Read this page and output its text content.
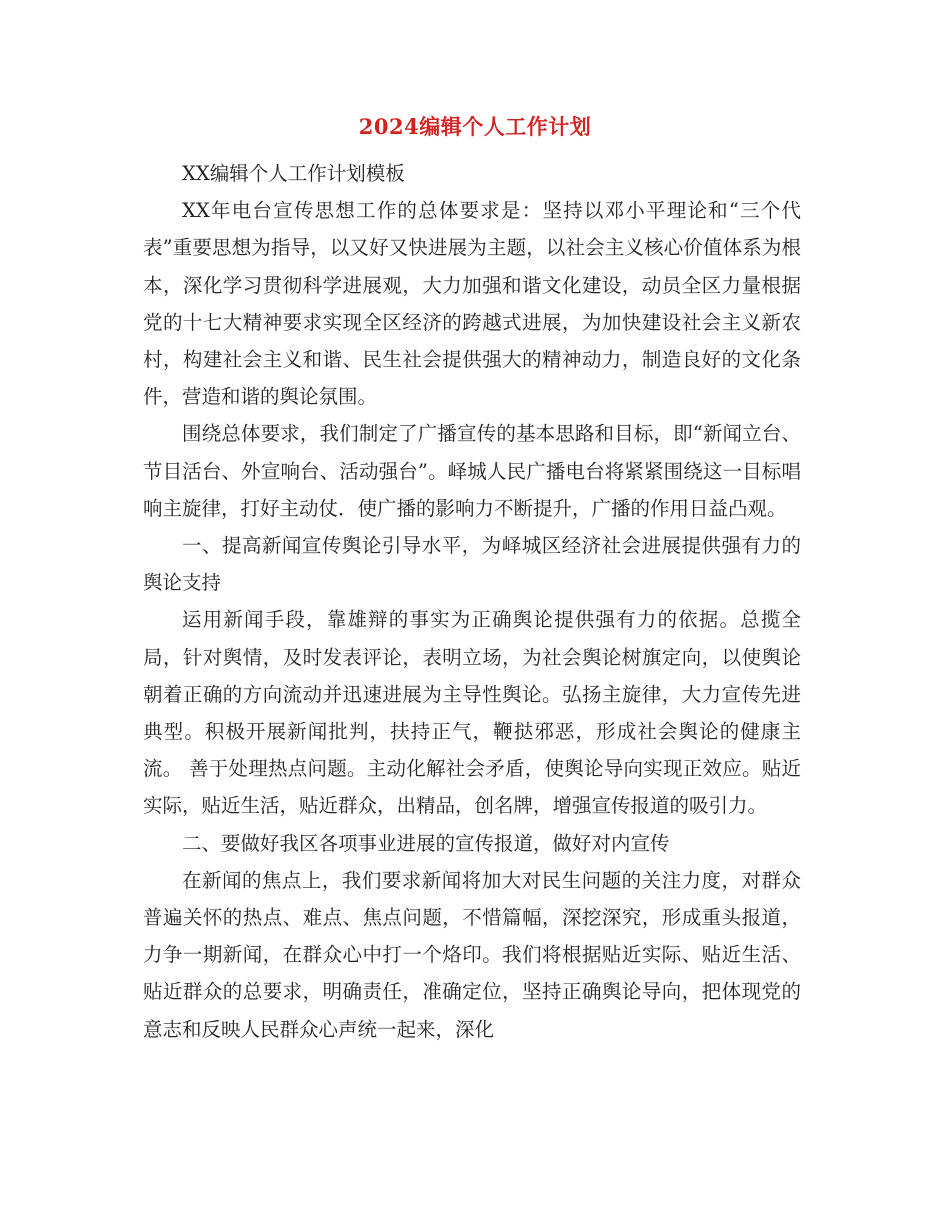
2024编辑个人工作计划

XX编辑个人工作计划模板

XX年电台宣传思想工作的总体要求是：坚持以邓小平理论和“三个代表”重要思想为指导，以又好又快进展为主题，以社会主义核心价值体系为根本，深化学习贯彻科学进展观，大力加强和谐文化建设，动员全区力量根据党的十七大精神要求实现全区经济的跨越式进展，为加快建设社会主义新农村，构建社会主义和谐、民生社会提供强大的精神动力，制造良好的文化条件，营造和谐的舆论氛围。

围绕总体要求，我们制定了广播宣传的基本思路和目标，即“新闻立台、节目活台、外宣响台、活动强台”。峄城人民广播电台将紧紧围绕这一目标唱响主旋律，打好主动仗．使广播的影响力不断提升，广播的作用日益凸观。

一、提高新闻宣传舆论引导水平，为峄城区经济社会进展提供强有力的舆论支持

运用新闻手段，靠雄辩的事实为正确舆论提供强有力的依据。总揽全局，针对舆情，及时发表评论，表明立场，为社会舆论树旗定向，以使舆论朝着正确的方向流动并迅速进展为主导性舆论。弘扬主旋律，大力宣传先进典型。积极开展新闻批判，扶持正气，鞭挞邪恶，形成社会舆论的健康主流。 善于处理热点问题。主动化解社会矛盾，使舆论导向实现正效应。贴近实际，贴近生活，贴近群众，出精品，创名牌，增强宣传报道的吸引力。

二、要做好我区各项事业进展的宣传报道，做好对内宣传

在新闻的焦点上，我们要求新闻将加大对民生问题的关注力度，对群众普遍关怀的热点、难点、焦点问题，不惜篇幅，深挖深究，形成重头报道，力争一期新闻，在群众心中打一个烙印。我们将根据贴近实际、贴近生活、贴近群众的总要求，明确责任，准确定位，坚持正确舆论导向，把体现党的意志和反映人民群众心声统一起来，深化
